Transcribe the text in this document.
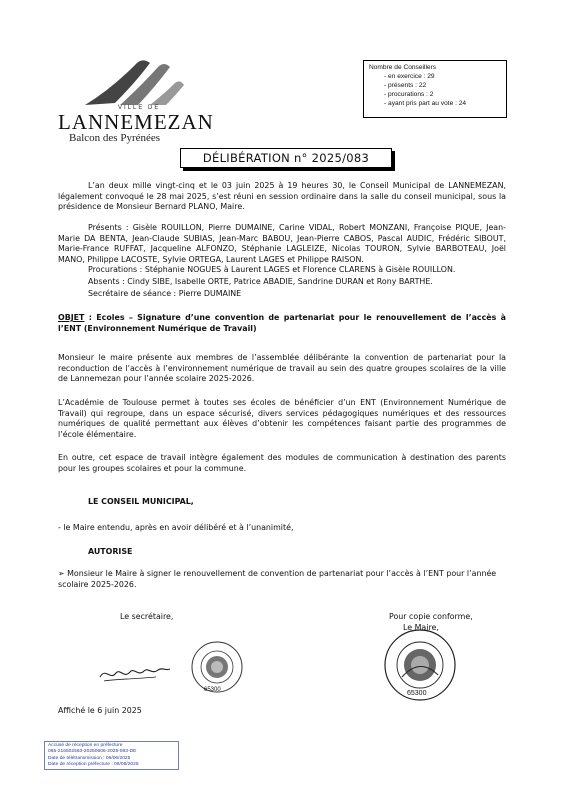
VILLE DE
LANNEMEZAN
Balcon des Pyrénées
Nombre de Conseillers
- en exercice : 29
- présents : 22
- procurations : 2
- ayant pris part au vote : 24
DÉLIBÉRATION n° 2025/083
L’an deux mille vingt-cinq et le 03 juin 2025 à 19 heures 30, le Conseil Municipal de LANNEMEZAN, légalement convoqué le 28 mai 2025, s’est réuni en session ordinaire dans la salle du conseil municipal, sous la présidence de Monsieur Bernard PLANO, Maire.
Présents : Gisèle ROUILLON, Pierre DUMAINE, Carine VIDAL, Robert MONZANI, Françoise PIQUE, Jean-Marie DA BENTA, Jean-Claude SUBIAS, Jean-Marc BABOU, Jean-Pierre CABOS, Pascal AUDIC, Frédéric SIBOUT, Marie-France RUFFAT, Jacqueline ALFONZO, Stéphanie LAGLEIZE, Nicolas TOURON, Sylvie BARBOTEAU, Joël MANO, Philippe LACOSTE, Sylvie ORTEGA, Laurent LAGES et Philippe RAISON.
Procurations : Stéphanie NOGUES à Laurent LAGES et Florence CLARENS à Gisèle ROUILLON.
Absents : Cindy SIBE, Isabelle ORTE, Patrice ABADIE, Sandrine DURAN et Rony BARTHE.
Secrétaire de séance : Pierre DUMAINE
OBJET : Ecoles – Signature d’une convention de partenariat pour le renouvellement de l’accès à l’ENT (Environnement Numérique de Travail)
Monsieur le maire présente aux membres de l’assemblée délibérante la convention de partenariat pour la reconduction de l’accès à l’environnement numérique de travail au sein des quatre groupes scolaires de la ville de Lannemezan pour l’année scolaire 2025-2026.
L’Académie de Toulouse permet à toutes ses écoles de bénéficier d’un ENT (Environnement Numérique de Travail) qui regroupe, dans un espace sécurisé, divers services pédagogiques numériques et des ressources numériques de qualité permettant aux élèves d’obtenir les compétences faisant partie des programmes de l’école élémentaire.
En outre, cet espace de travail intègre également des modules de communication à destination des parents pour les groupes scolaires et pour la commune.
LE CONSEIL MUNICIPAL,
- le Maire entendu, après en avoir délibéré et à l’unanimité,
AUTORISE
➢ Monsieur le Maire à signer le renouvellement de convention de partenariat pour l’accès à l’ENT pour l’année scolaire 2025-2026.
Le secrétaire,	Pour copie conforme,
Le Maire,
65300	65300
Affiché le 6 juin 2025
Accusé de réception en préfecture
065-216502563-20250606-2025-083-DE
Date de télétransmission : 06/06/2025
Date de réception préfecture : 06/06/2025
